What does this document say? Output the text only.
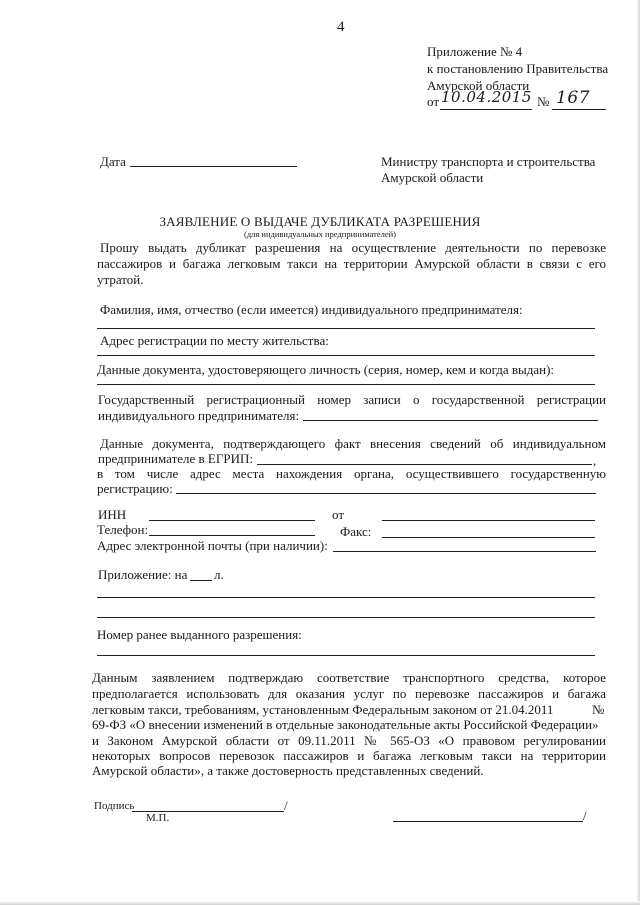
4
Приложение № 4
к постановлению Правительства
Амурской области
от 10.04.2015 № 167
Дата	Министру транспорта и строительства
Амурской области
ЗАЯВЛЕНИЕ О ВЫДАЧЕ ДУБЛИКАТА РАЗРЕШЕНИЯ
(для индивидуальных предпринимателей)
Прошу выдать дубликат разрешения на осуществление деятельности по перевозке
пассажиров и багажа легковым такси на территории Амурской области в связи с его
утратой.
Фамилия, имя, отчество (если имеется) индивидуального предпринимателя:
Адрес регистрации по месту жительства:
Данные документа, удостоверяющего личность (серия, номер, кем и когда выдан):
Государственный регистрационный номер записи о государственной регистрации
индивидуального предпринимателя:
Данные документа, подтверждающего факт внесения сведений об индивидуальном
предпринимателе в ЕГРИП:	,
в том числе адрес места нахождения органа, осуществившего государственную
регистрацию:
ИНН	от
Телефон:	Факс:
Адрес электронной почты (при наличии):
Приложение: на л.
Номер ранее выданного разрешения:
Данным заявлением подтверждаю соответствие транспортного средства, которое
предполагается использовать для оказания услуг по перевозке пассажиров и багажа
легковым такси, требованиям, установленным Федеральным законом от 21.04.2011	№
69-ФЗ «О внесении изменений в отдельные законодательные акты Российской Федерации»
и Законом Амурской области от 09.11.2011 № 565-ОЗ «О правовом регулировании
некоторых вопросов перевозок пассажиров и багажа легковым такси на территории
Амурской области», а также достоверность представленных сведений.
Подпись	/
/
М.П.
